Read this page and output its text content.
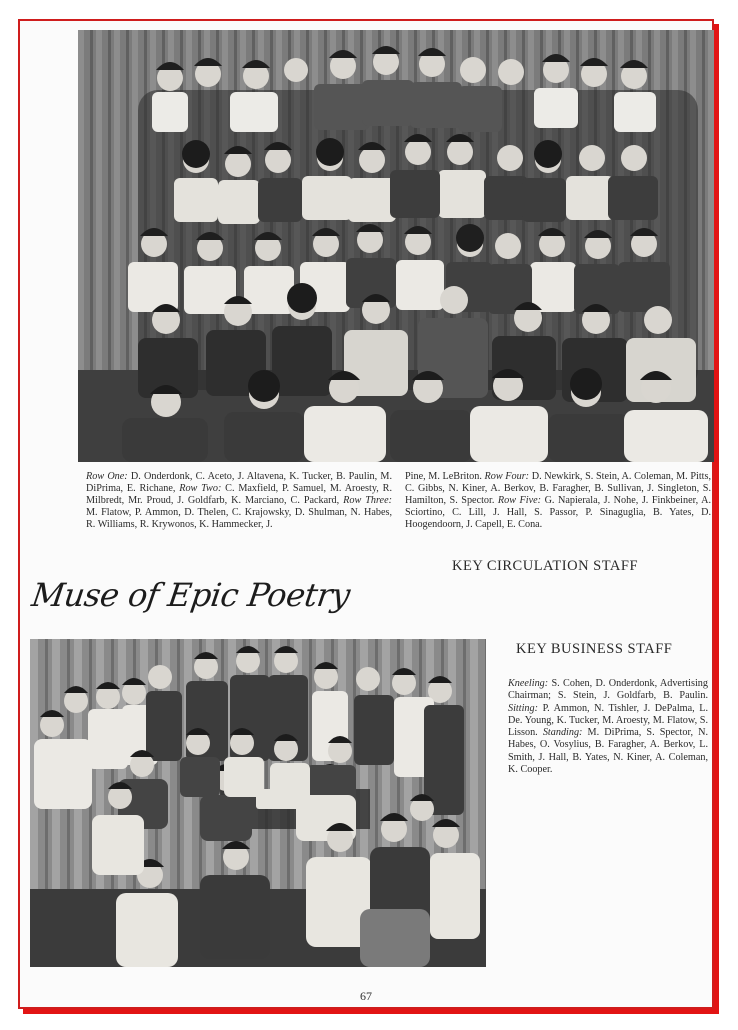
Row One: D. Onderdonk, C. Aceto, J. Altavena, K. Tucker, B. Paulin, M. DiPrima, E. Richane, Row Two: C. Maxfield, P. Samuel, M. Aroesty, R. Milbredt, Mr. Proud, J. Goldfarb, K. Marciano, C. Packard, Row Three: M. Flatow, P. Ammon, D. Thelen, C. Krajowsky, D. Shulman, N. Habes, R. Williams, R. Krywonos, K. Hammecker, J.
Pine, M. LeBriton. Row Four: D. Newkirk, S. Stein, A. Coleman, M. Pitts, C. Gibbs, N. Kiner, A. Berkov, B. Faragher, B. Sullivan, J. Singleton, S. Hamilton, S. Spector. Row Five: G. Napierala, J. Nohe, J. Finkbeiner, A. Sciortino, C. Lill, J. Hall, S. Passor, P. Sinaguglia, B. Yates, D. Hoogendoorn, J. Capell, E. Cona.
KEY CIRCULATION STAFF
Muse of Epic Poetry
KEY BUSINESS STAFF
Kneeling: S. Cohen, D. Onderdonk, Advertising Chairman; S. Stein, J. Goldfarb, B. Paulin. Sitting: P. Ammon, N. Tishler, J. DePalma, L. De. Young, K. Tucker, M. Aroesty, M. Flatow, S. Lisson. Standing: M. DiPrima, S. Spector, N. Habes, O. Vosylius, B. Faragher, A. Berkov, L. Smith, J. Hall, B. Yates, N. Kiner, A. Coleman, K. Cooper.
67
